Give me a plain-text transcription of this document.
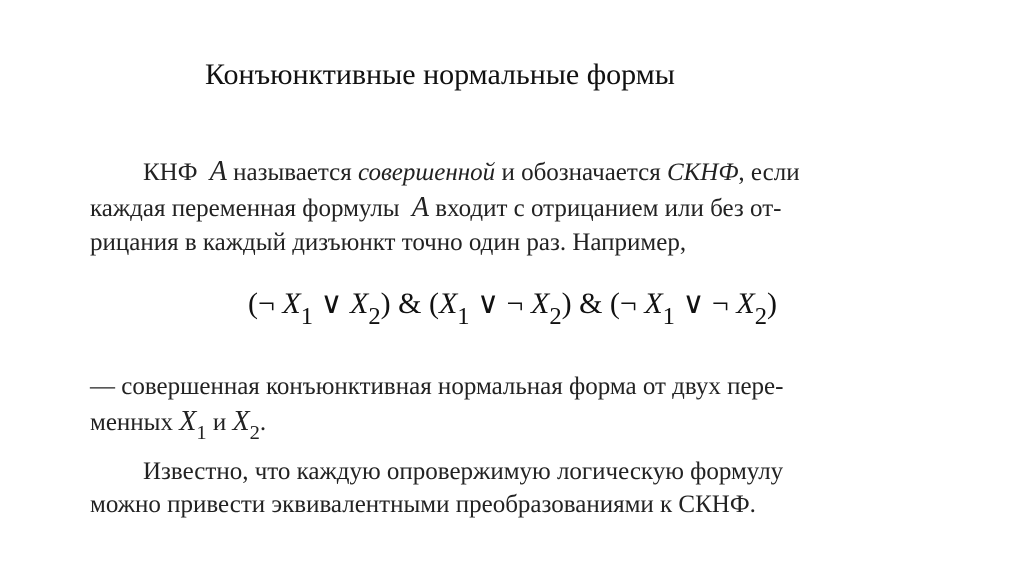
Конъюнктивные нормальные формы
КНФ A называется совершенной и обозначается СКНФ, если
каждая переменная формулы A входит с отрицанием или без от-
рицания в каждый дизъюнкт точно один раз. Например,
(¬ $X_1$ ∨ $X_2$) & ($X_1$ ∨ ¬ $X_2$) & (¬ $X_1$ ∨ ¬ $X_2$)
— совершенная конъюнктивная нормальная форма от двух пере-
менных $X_1$ и $X_2$.
Известно, что каждую опровержимую логическую формулу
можно привести эквивалентными преобразованиями к СКНФ.
